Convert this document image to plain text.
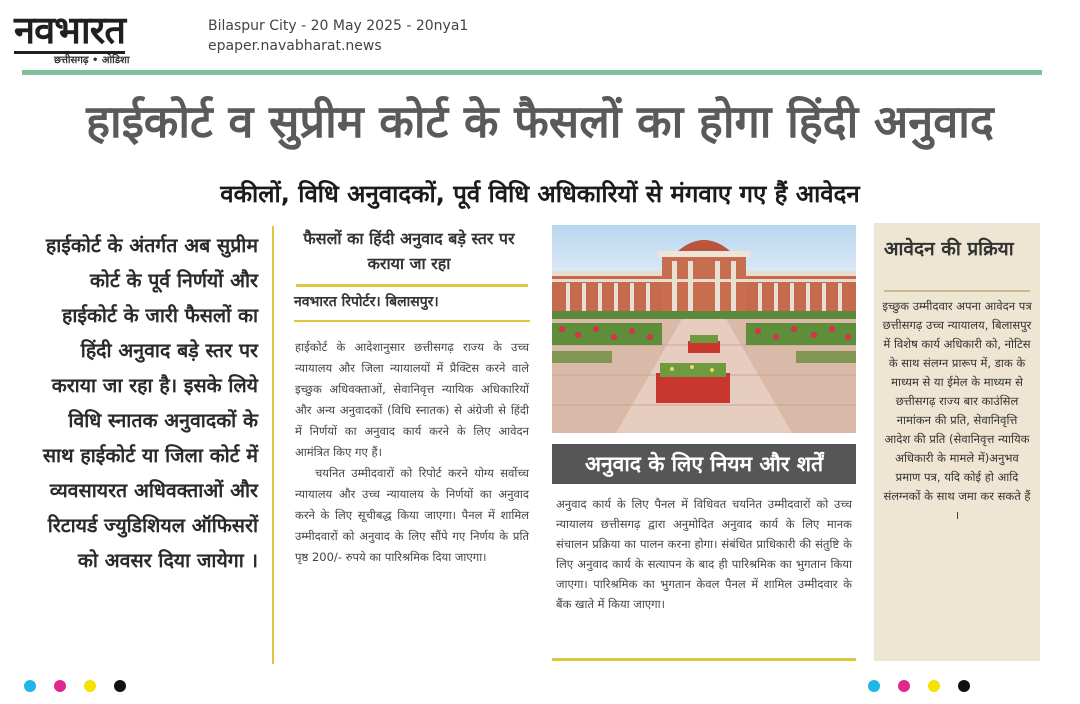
नवभारत
छत्तीसगढ़ • ओडिशा
Bilaspur City - 20 May 2025 - 20nya1
epaper.navabharat.news
हाईकोर्ट व सुप्रीम कोर्ट के फैसलों का होगा हिंदी अनुवाद
वकीलों, विधि अनुवादकों, पूर्व विधि अधिकारियों से मंगवाए गए हैं आवेदन
हाईकोर्ट के अंतर्गत अब सुप्रीम कोर्ट के पूर्व निर्णयों और हाईकोर्ट के जारी फैसलों का हिंदी अनुवाद बड़े स्तर पर कराया जा रहा है। इसके लिये विधि स्नातक अनुवादकों के साथ हाईकोर्ट या जिला कोर्ट में व्यवसायरत अधिवक्ताओं और रिटायर्ड ज्युडिशियल ऑफिसरों को अवसर दिया जायेगा ।
फैसलों का हिंदी अनुवाद बड़े स्तर पर कराया जा रहा
नवभारत रिपोर्टर। बिलासपुर।

हाईकोर्ट के आदेशानुसार छत्तीसगढ़ राज्य के उच्च न्यायालय और जिला न्यायालयों में प्रैक्टिस करने वाले इच्छुक अधिवक्ताओं, सेवानिवृत्त न्यायिक अधिकारियों और अन्य अनुवादकों (विधि स्नातक) से अंग्रेजी से हिंदी में निर्णयों का अनुवाद कार्य करने के लिए आवेदन आमंत्रित किए गए हैं।

चयनित उम्मीदवारों को रिपोर्ट करने योग्य सर्वोच्च न्यायालय और उच्च न्यायालय के निर्णयों का अनुवाद करने के लिए सूचीबद्ध किया जाएगा। पैनल में शामिल उम्मीदवारों को अनुवाद के लिए सौंपे गए निर्णय के प्रति पृष्ठ 200/- रुपये का पारिश्रमिक दिया जाएगा।

अनुवाद के लिए नियम और शर्तें
अनुवाद कार्य के लिए पैनल में विधिवत चयनित उम्मीदवारों को उच्च न्यायालय छत्तीसगढ़ द्वारा अनुमोदित अनुवाद कार्य के लिए मानक संचालन प्रक्रिया का पालन करना होगा। संबंधित प्राधिकारी की संतुष्टि के लिए अनुवाद कार्य के सत्यापन के बाद ही पारिश्रमिक का भुगतान किया जाएगा। पारिश्रमिक का भुगतान केवल पैनल में शामिल उम्मीदवार के बैंक खाते में किया जाएगा।
आवेदन की प्रक्रिया
इच्छुक उम्मीदवार अपना आवेदन पत्र छत्तीसगढ़ उच्च न्यायालय, बिलासपुर में विशेष कार्य अधिकारी को, नोटिस के साथ संलग्न प्रारूप में, डाक के माध्यम से या ईमेल के माध्यम से छत्तीसगढ़ राज्य बार काउंसिल नामांकन की प्रति, सेवानिवृत्ति आदेश की प्रति (सेवानिवृत्त न्यायिक अधिकारी के मामले में)अनुभव प्रमाण पत्र, यदि कोई हो आदि संलग्नकों के साथ जमा कर सकते हैं ।
